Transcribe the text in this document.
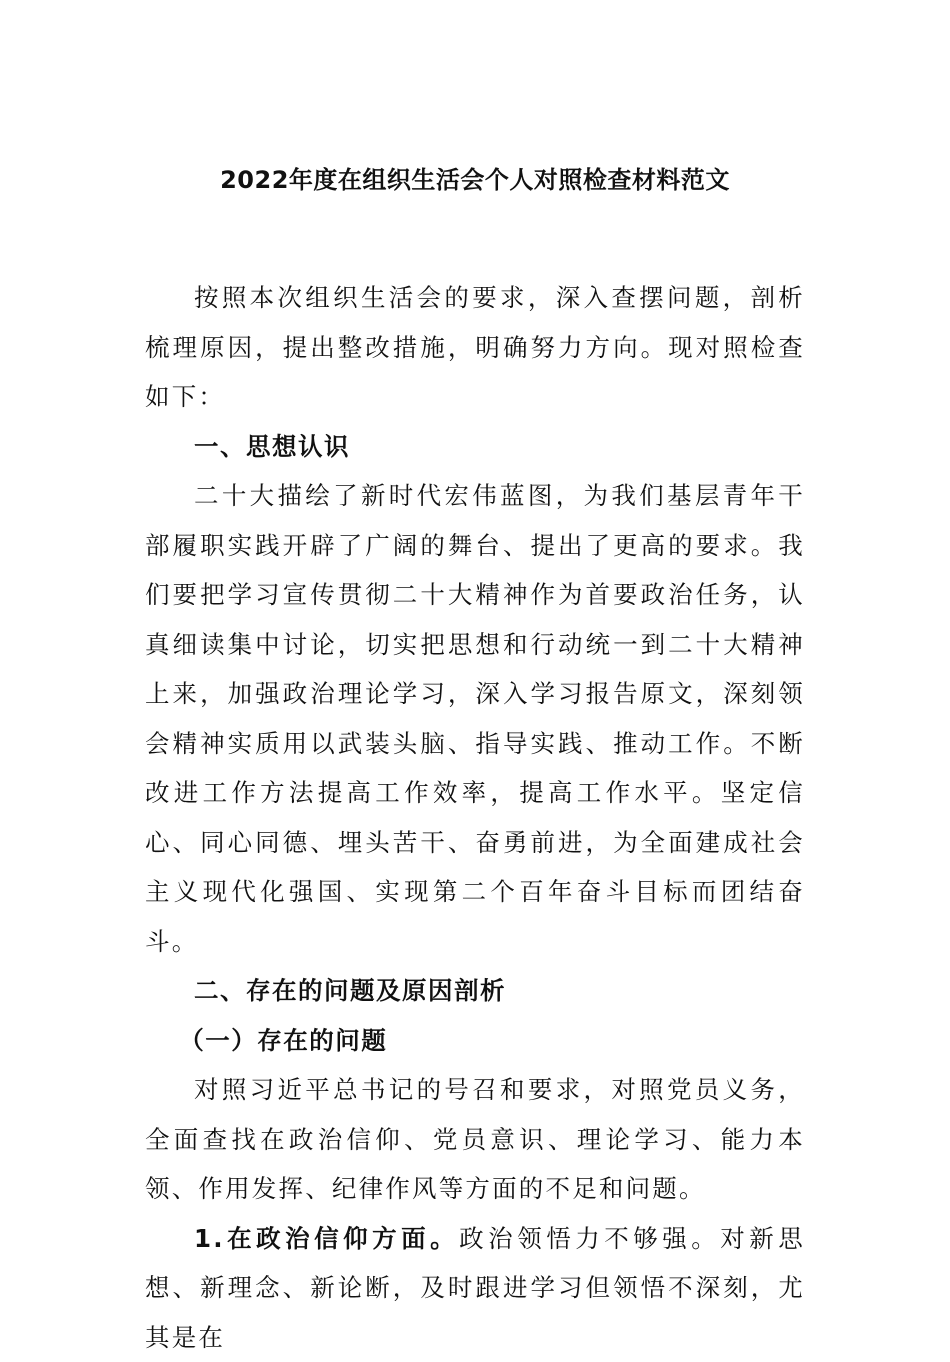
2022年度在组织生活会个人对照检查材料范文

按照本次组织生活会的要求，深入查摆问题，剖析梳理原因，提出整改措施，明确努力方向。现对照检查如下：

一、思想认识

二十大描绘了新时代宏伟蓝图，为我们基层青年干部履职实践开辟了广阔的舞台、提出了更高的要求。我们要把学习宣传贯彻二十大精神作为首要政治任务，认真细读集中讨论，切实把思想和行动统一到二十大精神上来，加强政治理论学习，深入学习报告原文，深刻领会精神实质用以武装头脑、指导实践、推动工作。不断改进工作方法提高工作效率，提高工作水平。坚定信心、同心同德、埋头苦干、奋勇前进，为全面建成社会主义现代化强国、实现第二个百年奋斗目标而团结奋斗。

二、存在的问题及原因剖析

（一）存在的问题

对照习近平总书记的号召和要求，对照党员义务，全面查找在政治信仰、党员意识、理论学习、能力本领、作用发挥、纪律作风等方面的不足和问题。

1.在政治信仰方面。政治领悟力不够强。对新思想、新理念、新论断，及时跟进学习但领悟不深刻，尤其是在
